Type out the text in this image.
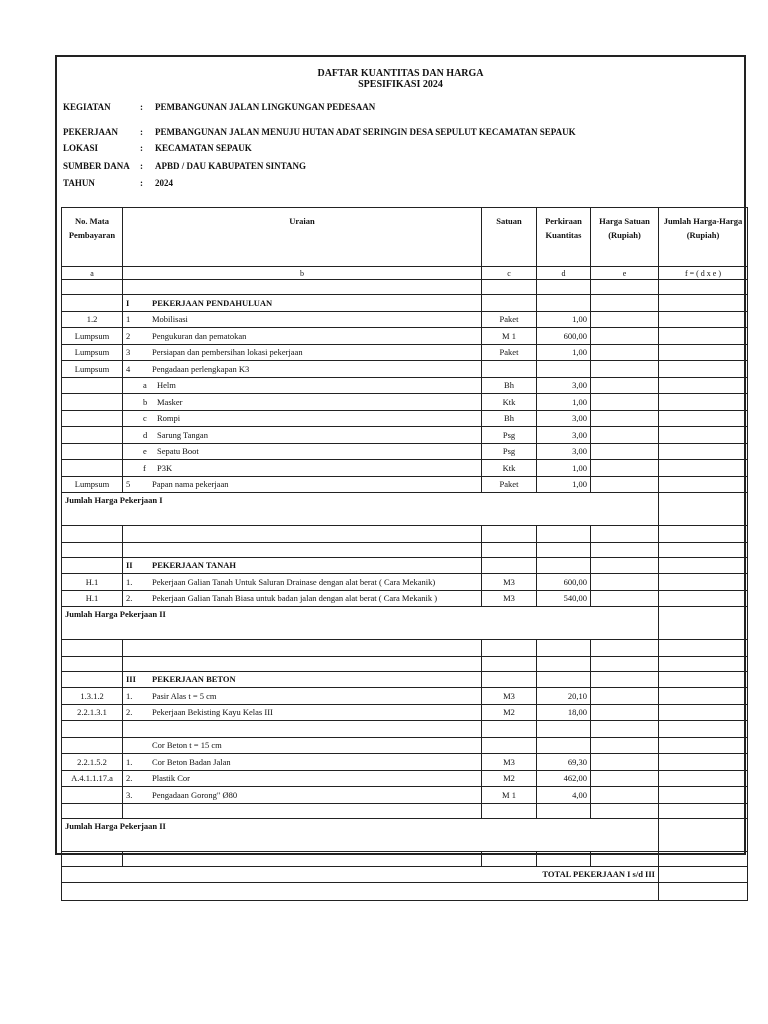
DAFTAR KUANTITAS DAN HARGA
SPESIFIKASI 2024
KEGIATAN	: PEMBANGUNAN JALAN LINGKUNGAN PEDESAAN
PEKERJAAN	: PEMBANGUNAN JALAN MENUJU HUTAN ADAT SERINGIN DESA SEPULUT KECAMATAN SEPAUK
LOKASI	: KECAMATAN SEPAUK
SUMBER DANA	: APBD / DAU KABUPATEN SINTANG
TAHUN	: 2024
No. Mata Pembayaran	Uraian	Satuan	Perkiraan Kuantitas	Harga Satuan (Rupiah)	Jumlah Harga-Harga (Rupiah)
a	b	c	d	e	f = ( d x e )

	I PEKERJAAN PENDAHULUAN				

1.2	1 Mobilisasi	Paket	1,00		
Lumpsum	2 Pengukuran dan pematokan	M 1	600,00		
Lumpsum	3 Persiapan dan pembersihan lokasi pekerjaan	Paket	1,00		
Lumpsum	4 Pengadaan perlengkapan K3				

	a Helm	Bh	3,00		

	b Masker	Ktk	1,00		

	c Rompi	Bh	3,00		

	d Sarung Tangan	Psg	3,00		

	e Sepatu Boot	Psg	3,00		

	f P3K	Ktk	1,00		
Lumpsum	5 Papan nama pekerjaan	Paket	1,00		
Jumlah Harga Pekerjaan I					

	II PEKERJAAN TANAH				

H.1	1. Pekerjaan Galian Tanah Untuk Saluran Drainase dengan alat berat ( Cara Mekanik)	M3	600,00		
H.1	2. Pekerjaan Galian Tanah Biasa untuk badan jalan dengan alat berat ( Cara Mekanik )	M3	540,00		
Jumlah Harga Pekerjaan II					

	III PEKERJAAN BETON				

1.3.1.2	1. Pasir Alas t = 5 cm	M3	20,10		
2.2.1.3.1	2. Pekerjaan Bekisting Kayu Kelas III	M2	18,00		

	Cor Beton t = 15 cm				

2.2.1.5.2	1. Cor Beton Badan Jalan	M3	69,30		
A.4.1.1.17.a	2. Plastik Cor	M2	462,00		

	3. Pengadaan Gorong" Ø80	M 1	4,00		

Jumlah Harga Pekerjaan II					

TOTAL PEKERJAAN I s/d III					
